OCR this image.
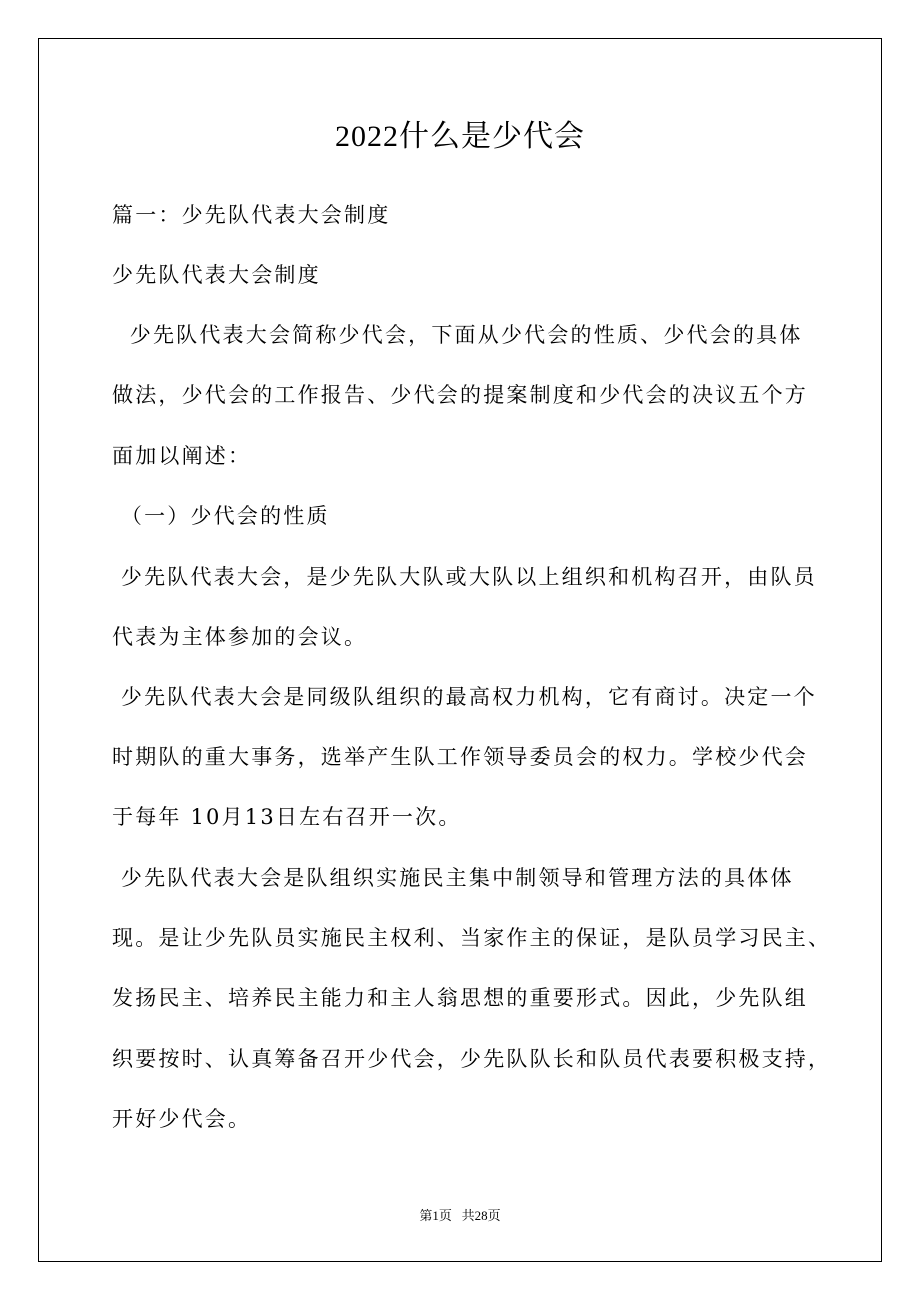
2022什么是少代会
篇一：少先队代表大会制度
少先队代表大会制度
少先队代表大会简称少代会，下面从少代会的性质、少代会的具体
做法，少代会的工作报告、少代会的提案制度和少代会的决议五个方
面加以阐述：
（一）少代会的性质
少先队代表大会，是少先队大队或大队以上组织和机构召开，由队员
代表为主体参加的会议。
少先队代表大会是同级队组织的最高权力机构，它有商讨。决定一个
时期队的重大事务，选举产生队工作领导委员会的权力。学校少代会
于每年 10月13日左右召开一次。
少先队代表大会是队组织实施民主集中制领导和管理方法的具体体
现。是让少先队员实施民主权利、当家作主的保证，是队员学习民主、
发扬民主、培养民主能力和主人翁思想的重要形式。因此，少先队组
织要按时、认真筹备召开少代会，少先队队长和队员代表要积极支持，
开好少代会。
第1页   共28页
